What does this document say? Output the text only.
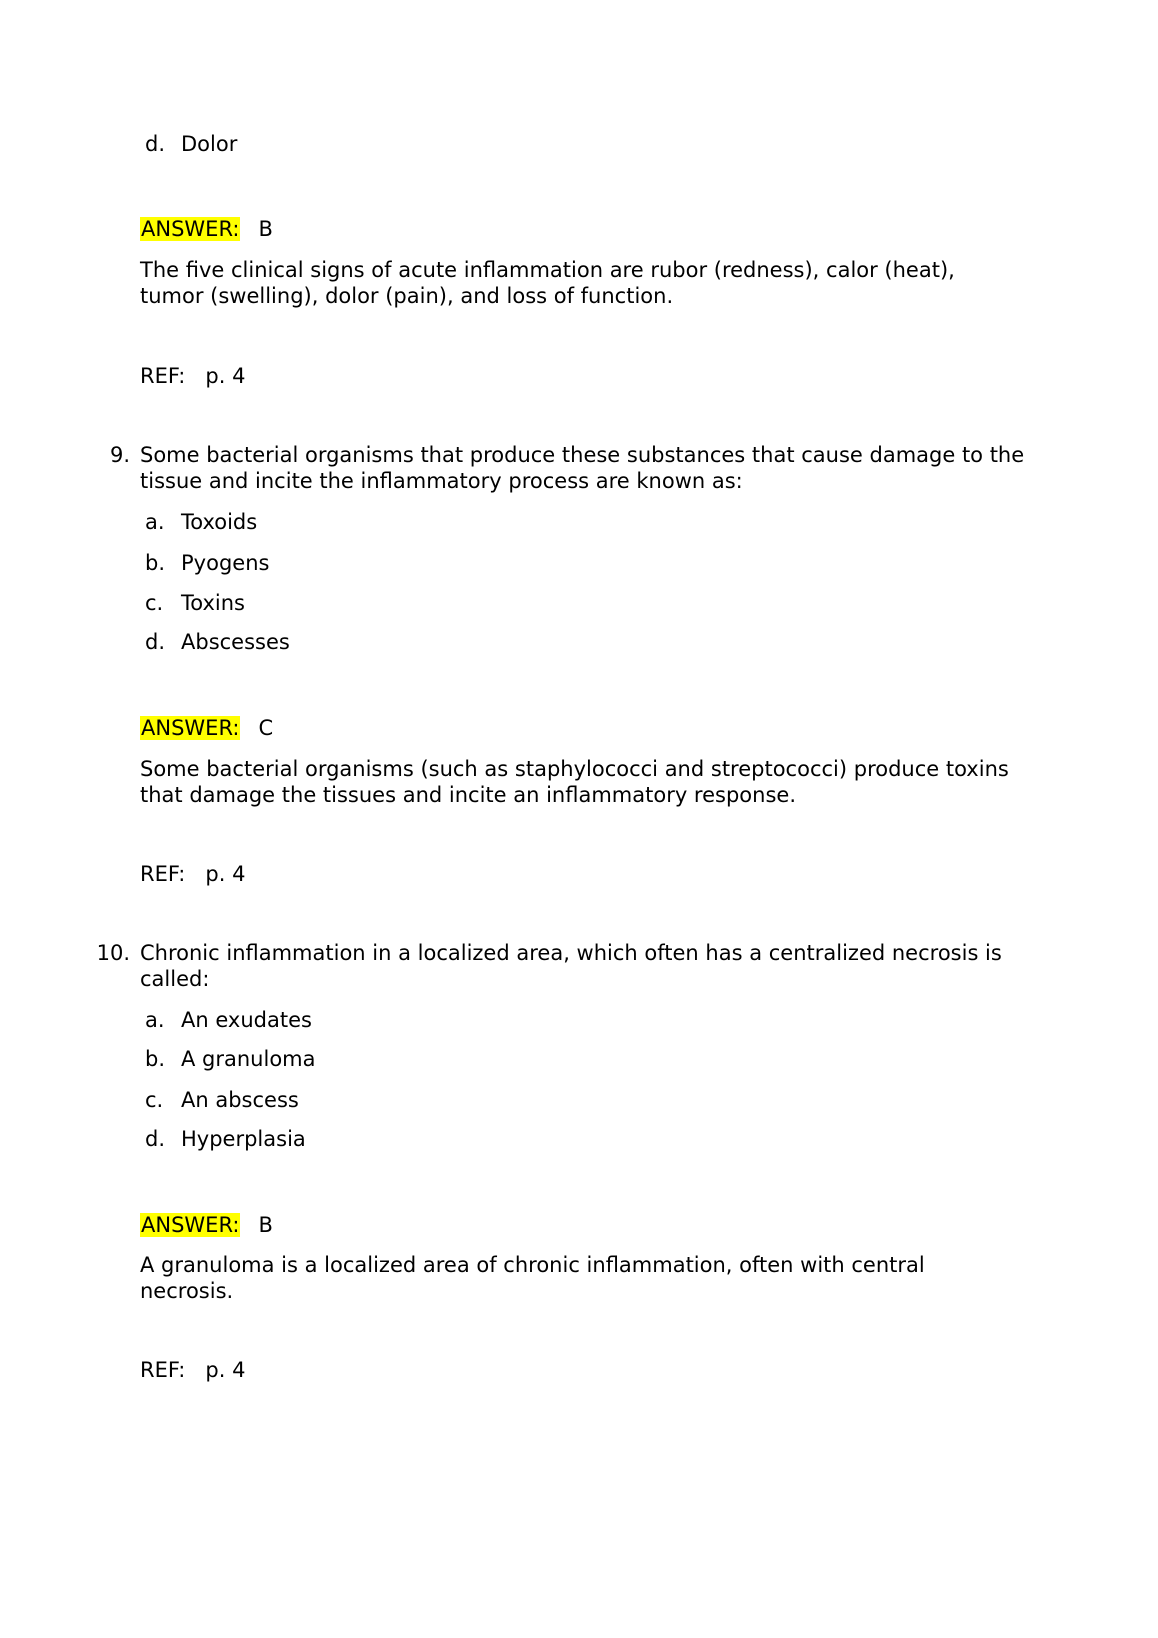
d. Dolor
ANSWER: B
The five clinical signs of acute inflammation are rubor (redness), calor (heat), tumor (swelling), dolor (pain), and loss of function.
REF: p. 4
9. Some bacterial organisms that produce these substances that cause damage to the tissue and incite the inflammatory process are known as:
a. Toxoids
b. Pyogens
c. Toxins
d. Abscesses
ANSWER: C
Some bacterial organisms (such as staphylococci and streptococci) produce toxins that damage the tissues and incite an inflammatory response.
REF: p. 4
10. Chronic inflammation in a localized area, which often has a centralized necrosis is called:
a. An exudates
b. A granuloma
c. An abscess
d. Hyperplasia
ANSWER: B
A granuloma is a localized area of chronic inflammation, often with central necrosis.
REF: p. 4
